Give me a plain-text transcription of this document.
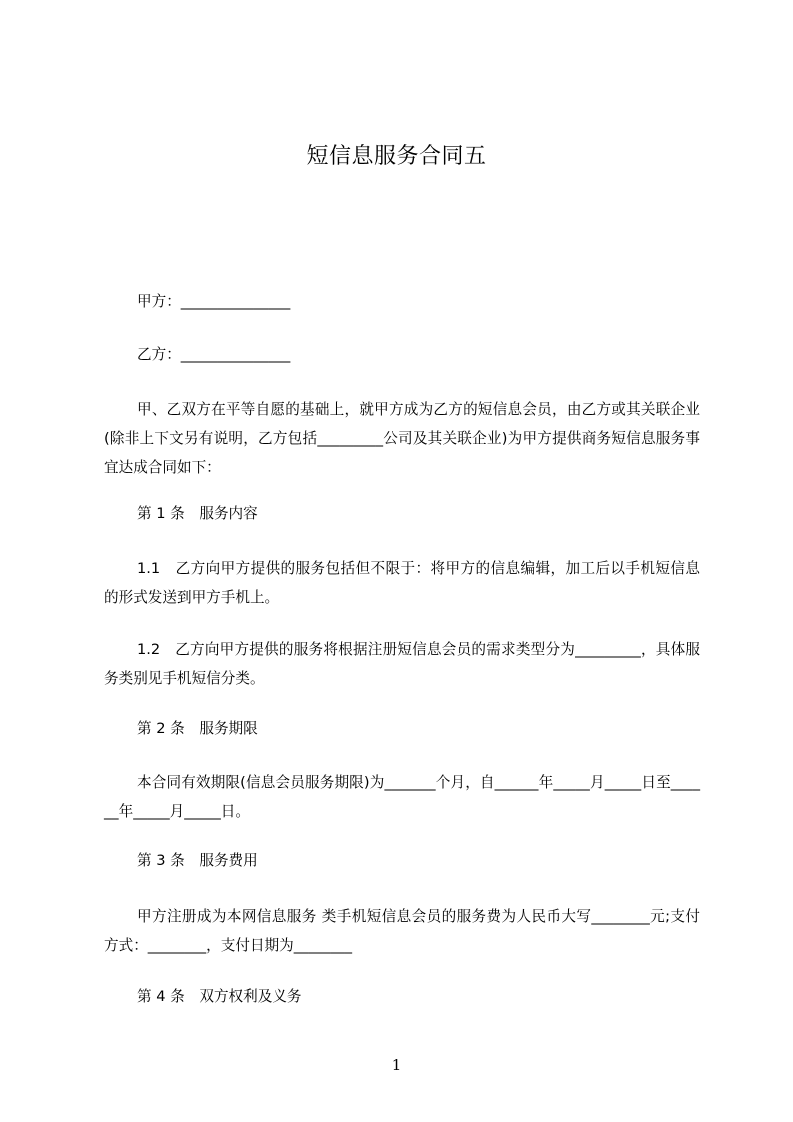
短信息服务合同五

甲方：_______________

乙方：_______________

甲、乙双方在平等自愿的基础上，就甲方成为乙方的短信息会员，由乙方或其关联企业(除非上下文另有说明，乙方包括_________公司及其关联企业)为甲方提供商务短信息服务事宜达成合同如下：

第 1 条　服务内容

1.1　乙方向甲方提供的服务包括但不限于：将甲方的信息编辑，加工后以手机短信息的形式发送到甲方手机上。

1.2　乙方向甲方提供的服务将根据注册短信息会员的需求类型分为_________，具体服务类别见手机短信分类。

第 2 条　服务期限

本合同有效期限(信息会员服务期限)为_______个月，自______年_____月_____日至______年_____月_____日。

第 3 条　服务费用

甲方注册成为本网信息服务 类手机短信息会员的服务费为人民币大写________元;支付方式：________，支付日期为________

第 4 条　双方权利及义务

1
